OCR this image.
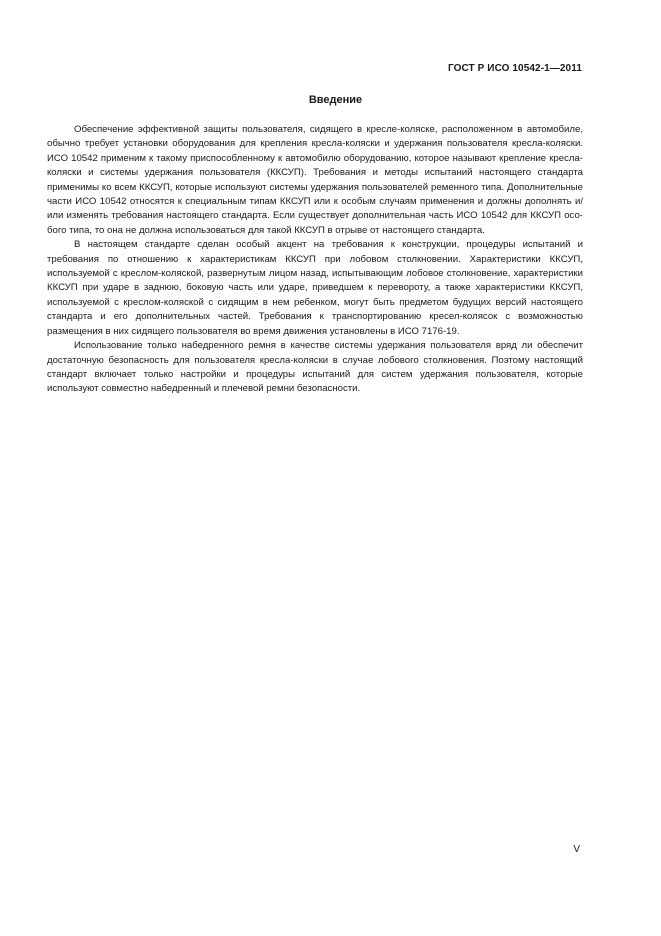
ГОСТ Р ИСО 10542-1—2011
Введение

Обеспечение эффективной защиты пользователя, сидящего в кресле-коляске, расположенном в автомобиле, обычно требует установки оборудования для крепления кресла-коляски и удержания пользователя кресла-коляски. ИСО 10542 применим к такому приспособленному к автомобилю оборудованию, которое называют крепление кресла-коляски и системы удержания пользователя (ККСУП). Требования и методы испытаний настоящего стандарта применимы ко всем ККСУП, которые используют системы удержания пользователей ременного типа. Дополнительные части ИСО 10542 относятся к специальным типам ККСУП или к особым случаям применения и должны дополнять и/или изменять требования настоящего стандарта. Если существует дополнительная часть ИСО 10542 для ККСУП особого типа, то она не должна использоваться для такой ККСУП в отрыве от настоящего стандарта.

В настоящем стандарте сделан особый акцент на требования к конструкции, процедуры испытаний и требования по отношению к характеристикам ККСУП при лобовом столкновении. Характеристики ККСУП, используемой с креслом-коляской, развернутым лицом назад, испытывающим лобовое столкновение, характеристики ККСУП при ударе в заднюю, боковую часть или ударе, приведшем к перевороту, а также характеристики ККСУП, используемой с креслом-коляской с сидящим в нем ребенком, могут быть предметом будущих версий настоящего стандарта и его дополнительных частей. Требования к транспортированию кресел-колясок с возможностью размещения в них сидящего пользователя во время движения установлены в ИСО 7176-19.

Использование только набедренного ремня в качестве системы удержания пользователя вряд ли обеспечит достаточную безопасность для пользователя кресла-коляски в случае лобового столкновения. Поэтому настоящий стандарт включает только настройки и процедуры испытаний для систем удержания пользователя, которые используют совместно набедренный и плечевой ремни безопасности.

V
